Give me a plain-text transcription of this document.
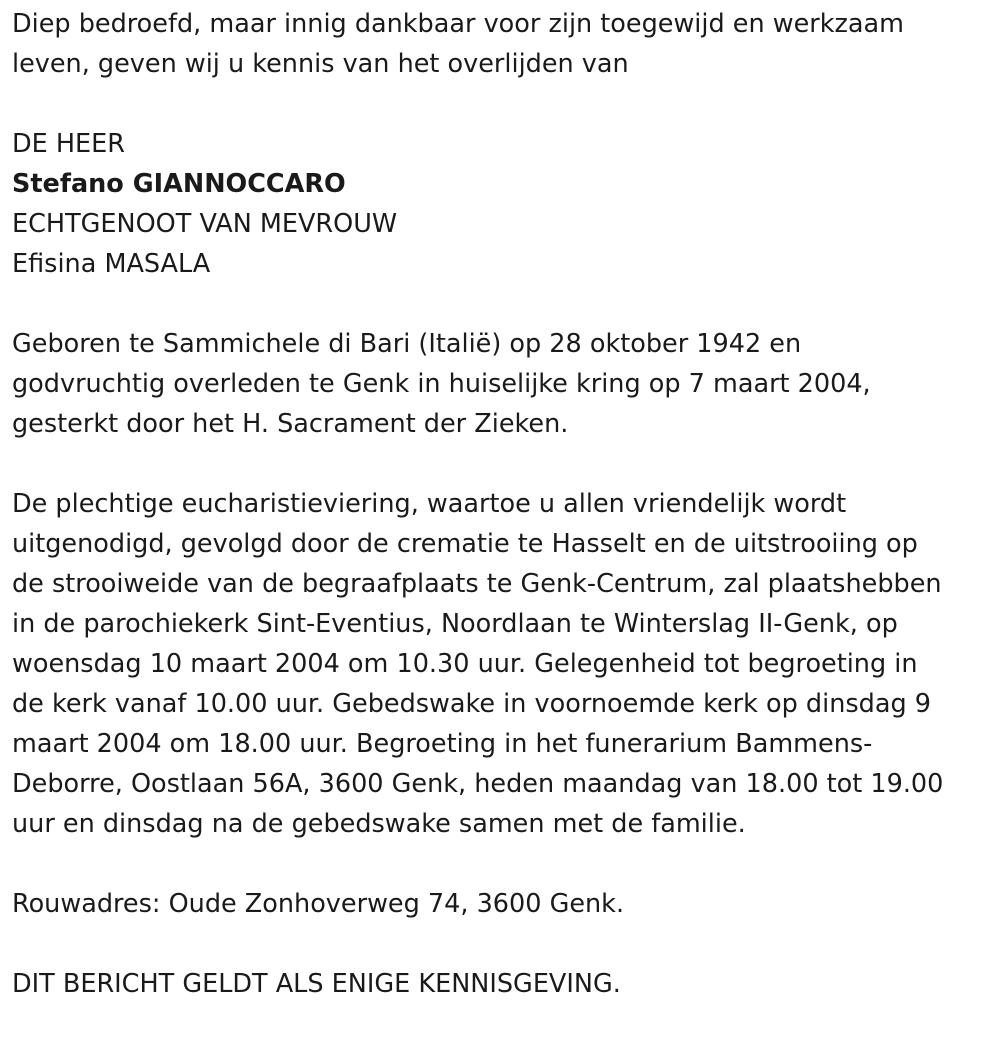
Diep bedroefd, maar innig dankbaar voor zijn toegewijd en werkzaam
leven, geven wij u kennis van het overlijden van

DE HEER
Stefano GIANNOCCARO
ECHTGENOOT VAN MEVROUW
Efisina MASALA

Geboren te Sammichele di Bari (Italië) op 28 oktober 1942 en
godvruchtig overleden te Genk in huiselijke kring op 7 maart 2004,
gesterkt door het H. Sacrament der Zieken.

De plechtige eucharistieviering, waartoe u allen vriendelijk wordt
uitgenodigd, gevolgd door de crematie te Hasselt en de uitstrooiing op
de strooiweide van de begraafplaats te Genk-Centrum, zal plaatshebben
in de parochiekerk Sint-Eventius, Noordlaan te Winterslag II-Genk, op
woensdag 10 maart 2004 om 10.30 uur. Gelegenheid tot begroeting in
de kerk vanaf 10.00 uur. Gebedswake in voornoemde kerk op dinsdag 9
maart 2004 om 18.00 uur. Begroeting in het funerarium Bammens-
Deborre, Oostlaan 56A, 3600 Genk, heden maandag van 18.00 tot 19.00
uur en dinsdag na de gebedswake samen met de familie.

Rouwadres: Oude Zonhoverweg 74, 3600 Genk.

DIT BERICHT GELDT ALS ENIGE KENNISGEVING.
